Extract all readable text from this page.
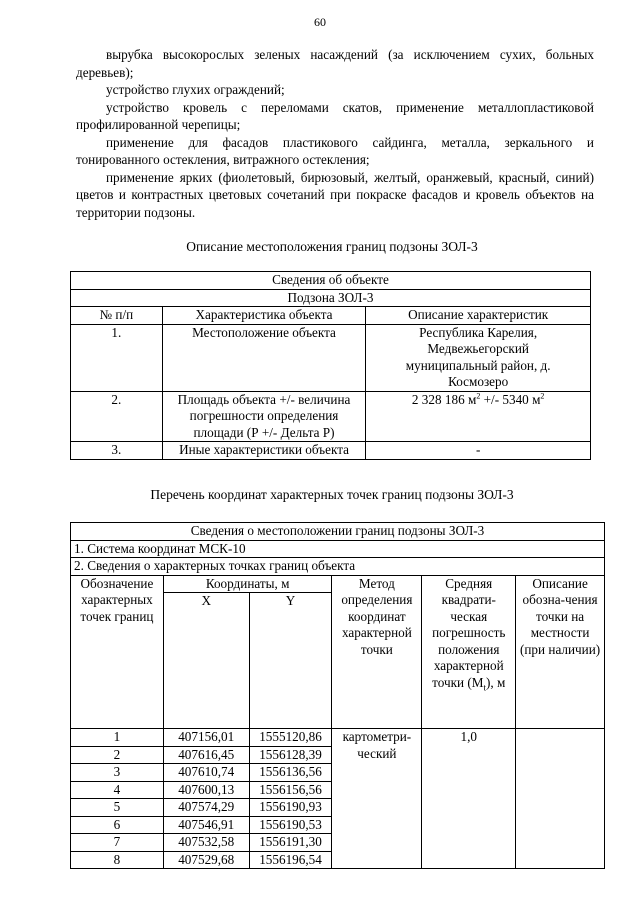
60

вырубка высокорослых зеленых насаждений (за исключением сухих, больных деревьев);

устройство глухих ограждений;

устройство кровель с переломами скатов, применение металлопластиковой профилированной черепицы;

применение для фасадов пластикового сайдинга, металла, зеркального и тонированного остекления, витражного остекления;

применение ярких (фиолетовый, бирюзовый, желтый, оранжевый, красный, синий) цветов и контрастных цветовых сочетаний при покраске фасадов и кровель объектов на территории подзоны.

Описание местоположения границ подзоны ЗОЛ-3
Сведения об объекте		
Подзона ЗОЛ-3		
№ п/п	Характеристика объекта	Описание характеристик
1.	Местоположение объекта	Республика Карелия, Медвежьегорский муниципальный район, д. Космозеро
2.	Площадь объекта +/- величина погрешности определения площади (Р +/- Дельта Р)	2 328 186 $м^2$ +/- 5340 $м^2$
3.	Иные характеристики объекта	-
Перечень координат характерных точек границ подзоны ЗОЛ-3
Сведения о местоположении границ подзоны ЗОЛ-3					
1. Система координат МСК-10					
2. Сведения о характерных точках границ объекта					
Обозначение характерных точек границ	Координаты, м		Метод определения координат характерной точки	Средняя квадрати-ческая погрешность положения характерной точки $(M_t)$, м	Описание обозна-чения точки на местности (при наличии)
	X	Y			
1	407156,01	1555120,86	картометри-ческий	1,0	
2	407616,45	1556128,39			
3	407610,74	1556136,56			
4	407600,13	1556156,56			
5	407574,29	1556190,93			
6	407546,91	1556190,53			
7	407532,58	1556191,30			
8	407529,68	1556196,54			
